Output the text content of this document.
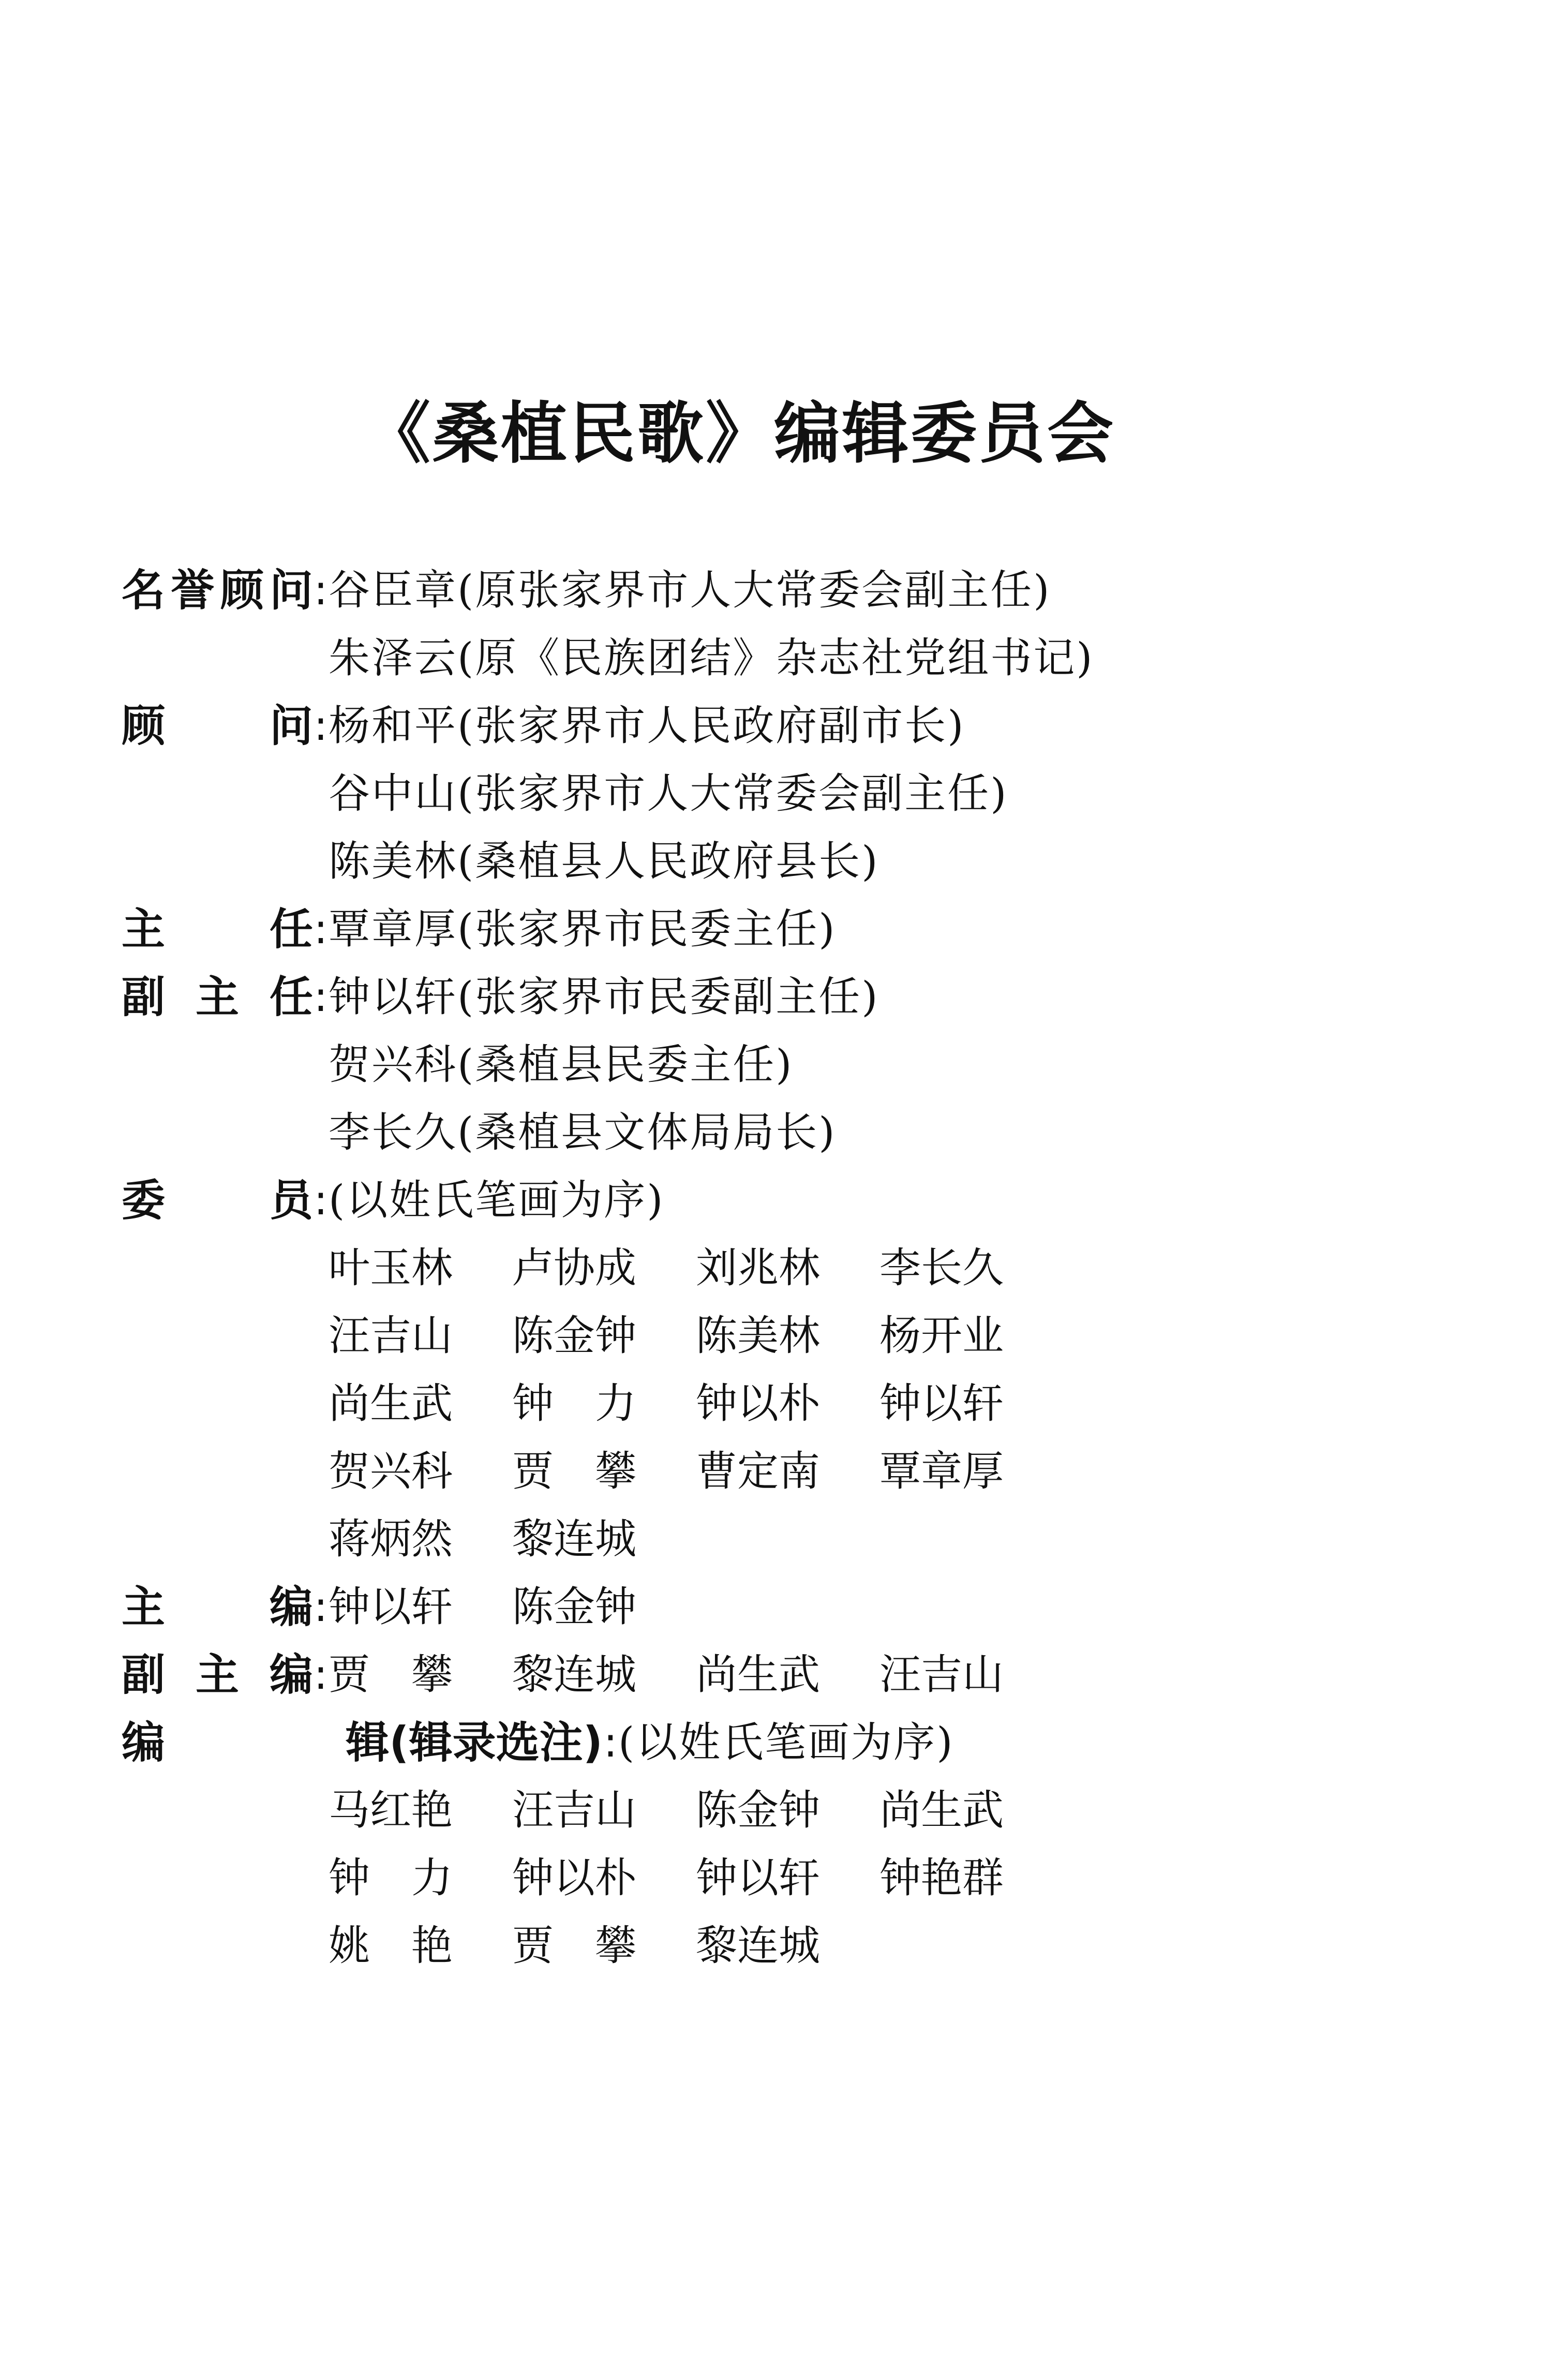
《桑植民歌》编辑委员会
名 誉 顾 问 : 谷臣章(原张家界市人大常委会副主任)
朱泽云(原《民族团结》杂志社党组书记)
顾 问 : 杨和平(张家界市人民政府副市长)
谷中山(张家界市人大常委会副主任)
陈美林(桑植县人民政府县长)
主 任 : 覃章厚(张家界市民委主任)
副 主 任 : 钟以轩(张家界市民委副主任)
贺兴科(桑植县民委主任)
李长久(桑植县文体局局长)
委 员 : (以姓氏笔画为序)
叶玉林	卢协成	刘兆林	李长久
汪吉山	陈金钟	陈美林	杨开业
尚生武	钟　力	钟以朴	钟以轩
贺兴科	贾　攀	曹定南	覃章厚
蒋炳然	黎连城
主 编 : 钟以轩	陈金钟
副 主 编 : 贾　攀	黎连城	尚生武	汪吉山
编	辑(辑录选注) : (以姓氏笔画为序)
马红艳	汪吉山	陈金钟	尚生武
钟　力	钟以朴	钟以轩	钟艳群
姚　艳	贾　攀	黎连城
